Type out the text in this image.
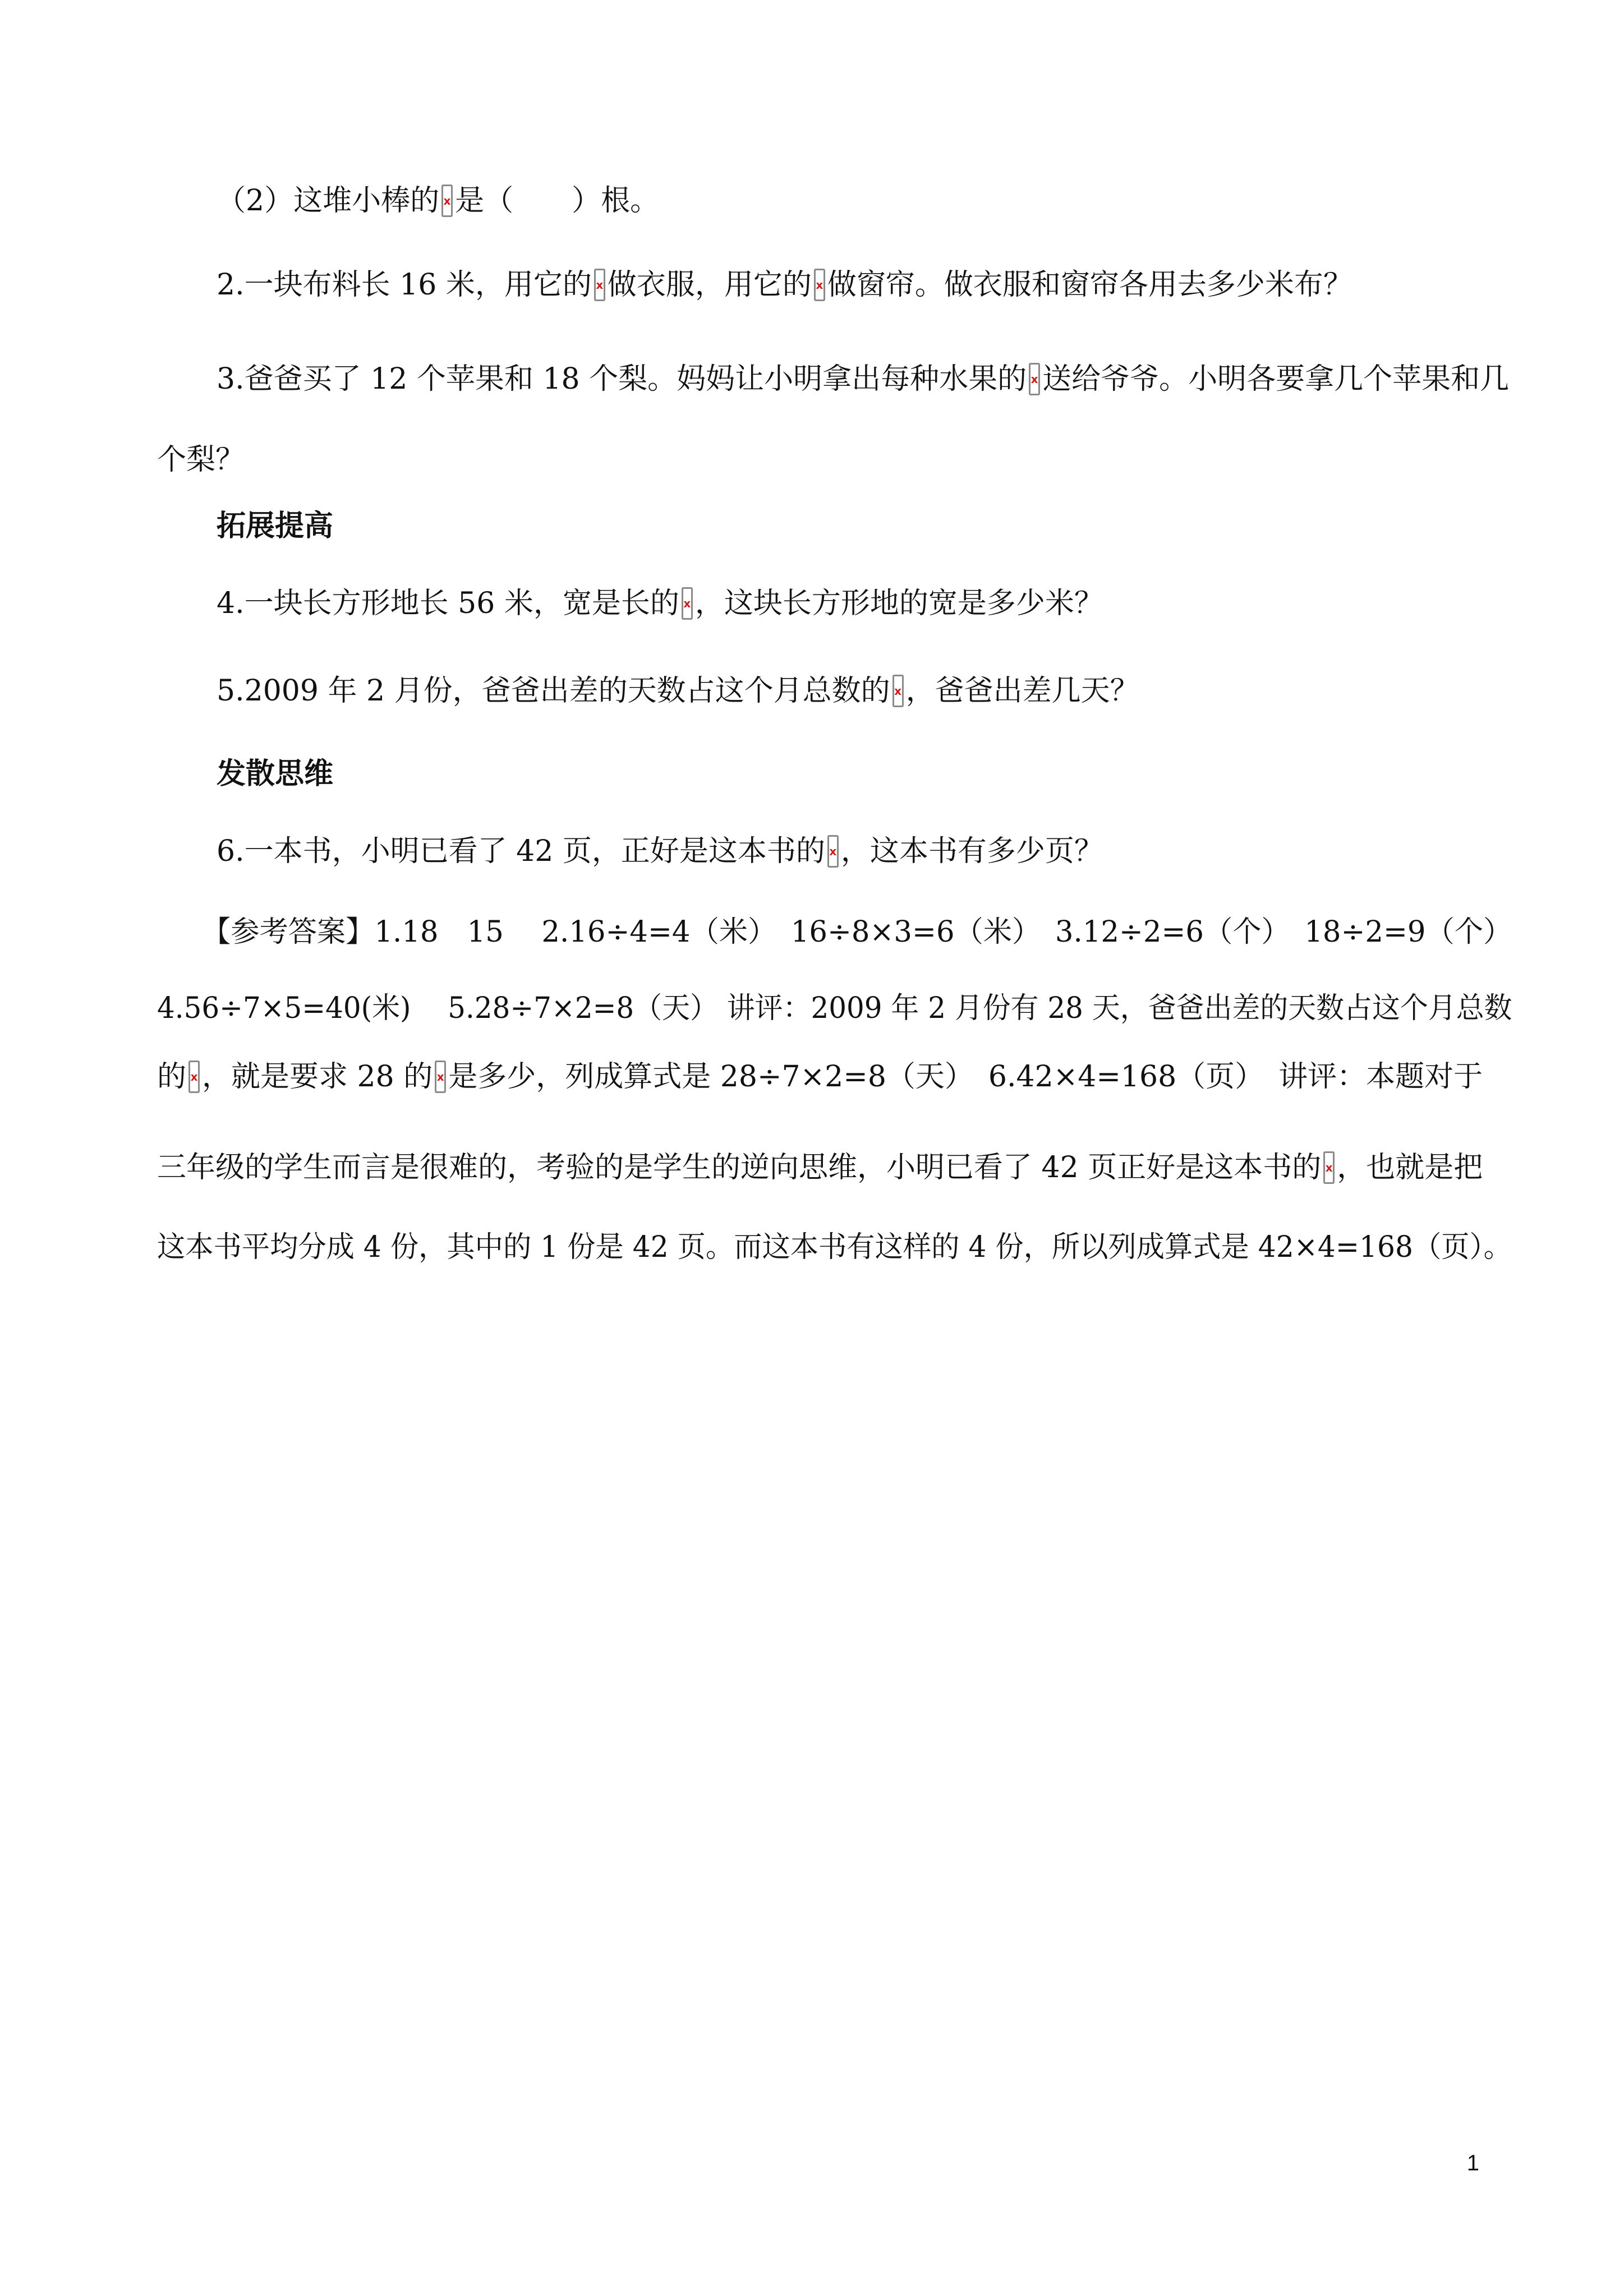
（2）这堆小棒的 x 是（　　）根。
2.一块布料长 16 米，用它的 x 做衣服，用它的 x 做窗帘。做衣服和窗帘各用去多少米布？
3.爸爸买了 12 个苹果和 18 个梨。妈妈让小明拿出每种水果的 x 送给爷爷。小明各要拿几个苹果和几
个梨？
拓展提高
4.一块长方形地长 56 米，宽是长的 x ，这块长方形地的宽是多少米？
5.2009 年 2 月份，爸爸出差的天数占这个月总数的 x ，爸爸出差几天？
发散思维
6.一本书，小明已看了 42 页，正好是这本书的 x ，这本书有多少页？
【参考答案】1.18　15　 2.16÷4=4（米）　16÷8×3=6（米）　3.12÷2=6（个）　18÷2=9（个）
4.56÷7×5=40(米)　 5.28÷7×2=8（天） 讲评：2009 年 2 月份有 28 天，爸爸出差的天数占这个月总数
的 x ，就是要求 28 的 x 是多少，列成算式是 28÷7×2=8（天）　6.42×4=168（页）　讲评：本题对于
三年级的学生而言是很难的，考验的是学生的逆向思维，小明已看了 42 页正好是这本书的 x ，也就是把
这本书平均分成 4 份，其中的 1 份是 42 页。而这本书有这样的 4 份，所以列成算式是 42×4=168（页）。
1
